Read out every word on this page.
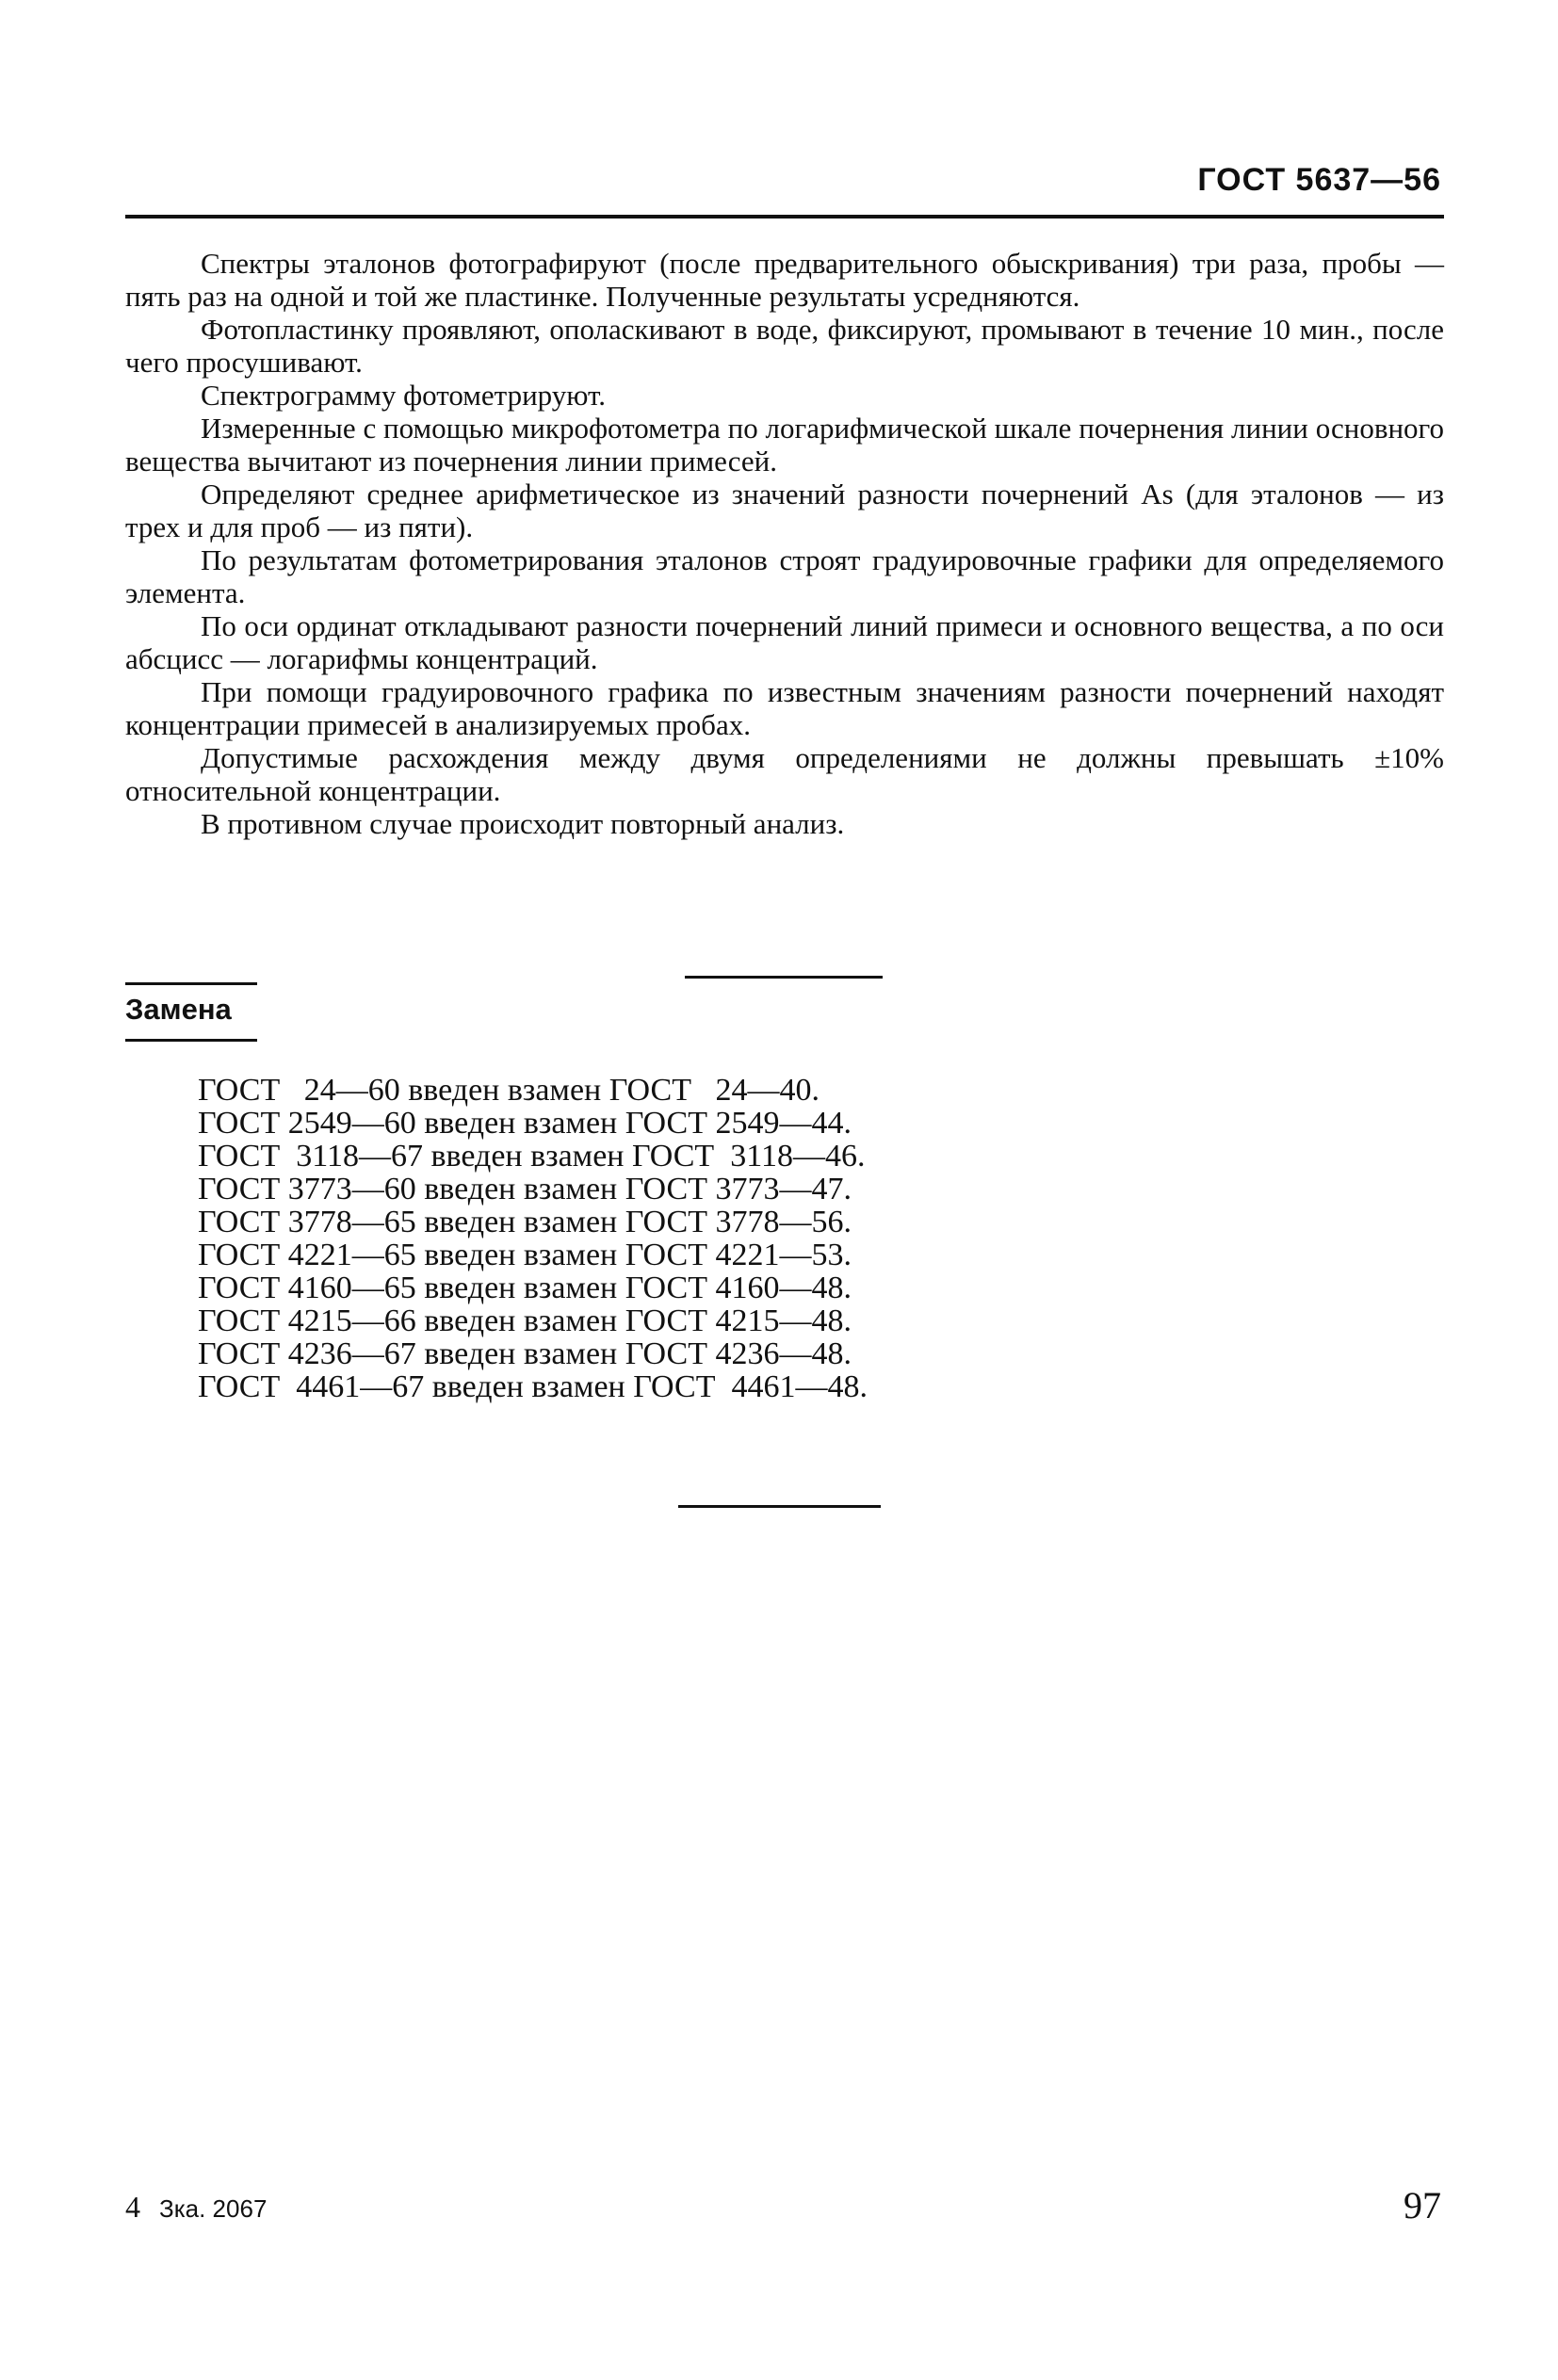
ГОСТ 5637—56

Спектры эталонов фотографируют (после предварительного обыскривания) три раза, пробы — пять раз на одной и той же пластинке. Полученные результаты усредняются.

Фотопластинку проявляют, ополаскивают в воде, фиксируют, промывают в течение 10 мин., после чего просушивают.

Спектрограмму фотометрируют.

Измеренные с помощью микрофотометра по логарифмической шкале почернения линии основного вещества вычитают из почернения линии примесей.

Определяют среднее арифметическое из значений разности почернений Аs (для эталонов — из трех и для проб — из пяти).

По результатам фотометрирования эталонов строят градуировочные графики для определяемого элемента.

По оси ординат откладывают разности почернений линий примеси и основного вещества, а по оси абсцисс — логарифмы концентраций.

При помощи градуировочного графика по известным значениям разности почернений находят концентрации примесей в анализируемых пробах.

Допустимые расхождения между двумя определениями не должны превышать ±10% относительной концентрации.

В противном случае происходит повторный анализ.

Замена
ГОСТ   24—60 введен взамен ГОСТ   24—40.
ГОСТ 2549—60 введен взамен ГОСТ 2549—44.
ГОСТ  3118—67 введен взамен ГОСТ  3118—46.
ГОСТ 3773—60 введен взамен ГОСТ 3773—47.
ГОСТ 3778—65 введен взамен ГОСТ 3778—56.
ГОСТ 4221—65 введен взамен ГОСТ 4221—53.
ГОСТ 4160—65 введен взамен ГОСТ 4160—48.
ГОСТ 4215—66 введен взамен ГОСТ 4215—48.
ГОСТ 4236—67 введен взамен ГОСТ 4236—48.
ГОСТ  4461—67 введен взамен ГОСТ  4461—48.
4 Зка. 2067	97
